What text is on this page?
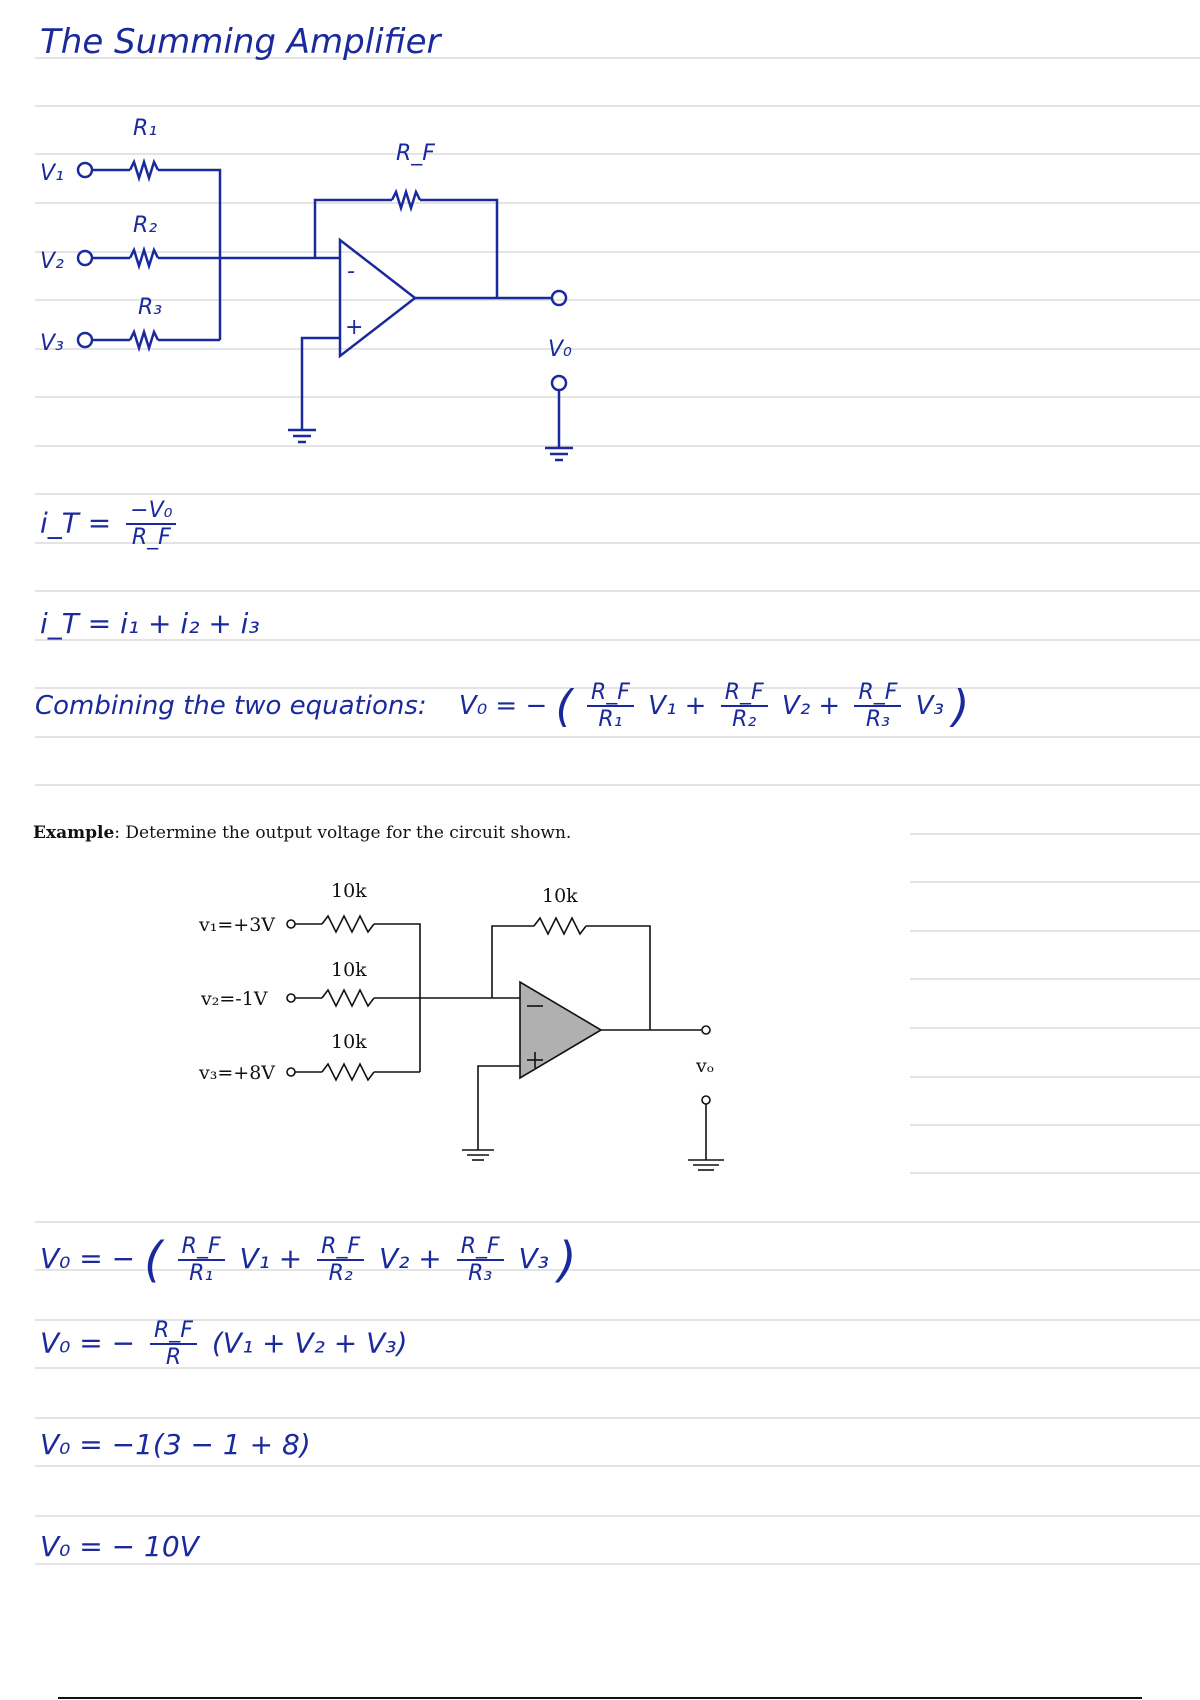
The Summing Amplifier
R₁
R₂
R₃
R_F
V₁
V₂
V₃	V₀
-
+
i_T = $\frac{\text{−V₀}}{R\_F}$
i_T = i₁ + i₂ + i₃
Combining the two equations: V₀ = − ( $\frac{R\_F}{\text{R₁}} V_1 + \frac{R\_F}{\text{R₂}} V_2 + \frac{R\_F}{\text{R₃}} V_3$ )
Example: Determine the output voltage for the circuit shown.
10k
10k
10k
10k
v₁=+3V
v₂=-1V
v₃=+8V	vₒ
V₀ = − ( $\frac{R\_F}{\text{R₁}} V_1 + \frac{R\_F}{\text{R₂}} V_2 + \frac{R\_F}{\text{R₃}} V_3$ )
V₀ = − $\frac{R\_F}{R} (V_1 + V_2 + V_3)$
V₀ = −1(3 − 1 + 8)
V₀ = − 10V
